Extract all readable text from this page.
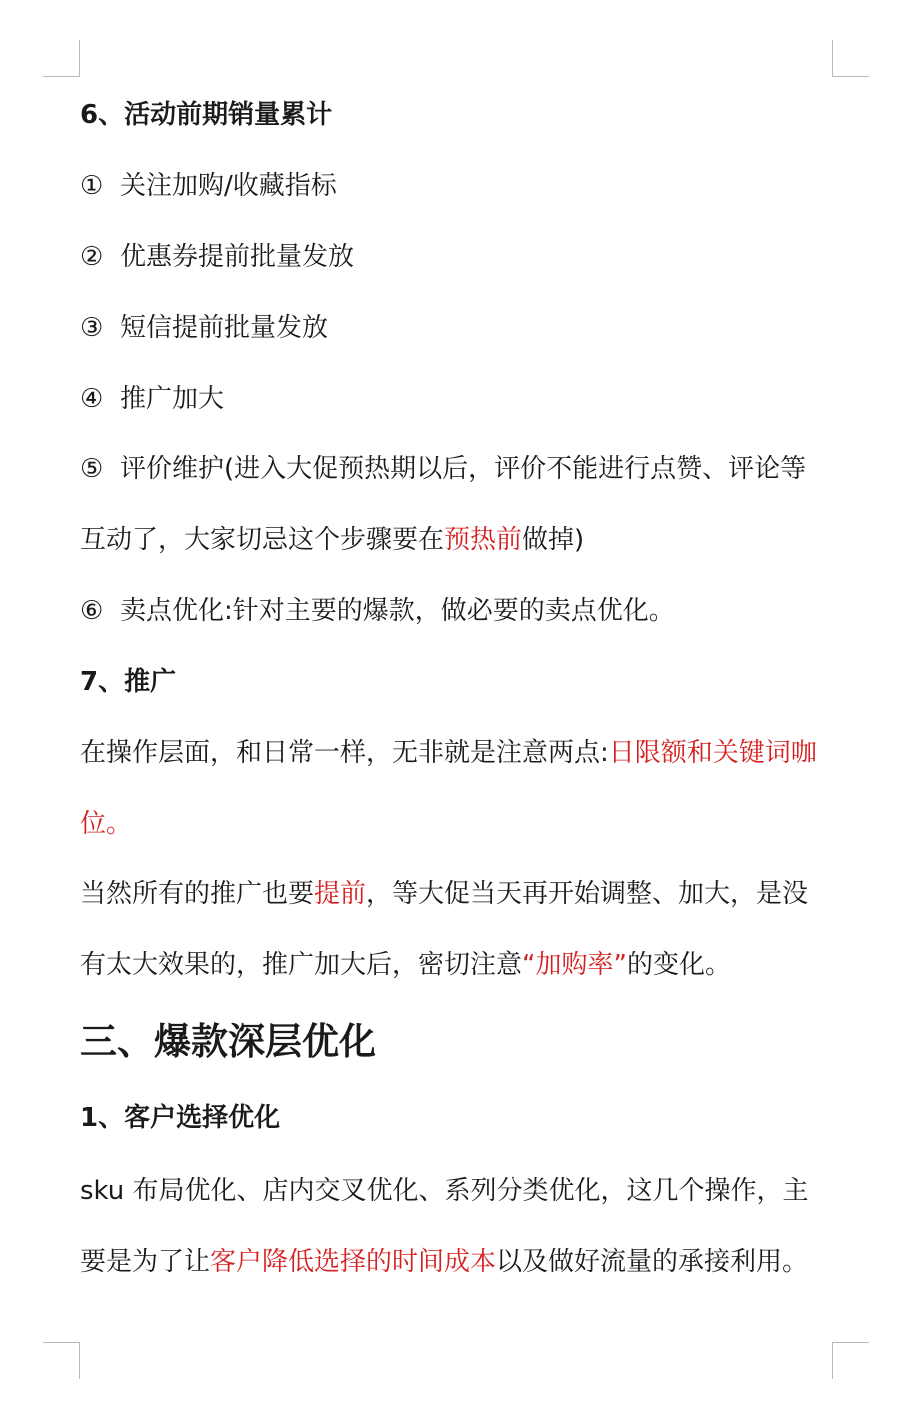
6、活动前期销量累计
① 关注加购/收藏指标
② 优惠券提前批量发放
③ 短信提前批量发放
④ 推广加大
⑤ 评价维护(进入大促预热期以后，评价不能进行点赞、评论等
互动了，大家切忌这个步骤要在预热前做掉)
⑥ 卖点优化:针对主要的爆款，做必要的卖点优化。
7、推广
在操作层面，和日常一样，无非就是注意两点:日限额和关键词咖
位。
当然所有的推广也要提前，等大促当天再开始调整、加大，是没
有太大效果的，推广加大后，密切注意“加购率”的变化。
三、爆款深层优化
1、客户选择优化
sku 布局优化、店内交叉优化、系列分类优化，这几个操作，主
要是为了让客户降低选择的时间成本以及做好流量的承接利用。
